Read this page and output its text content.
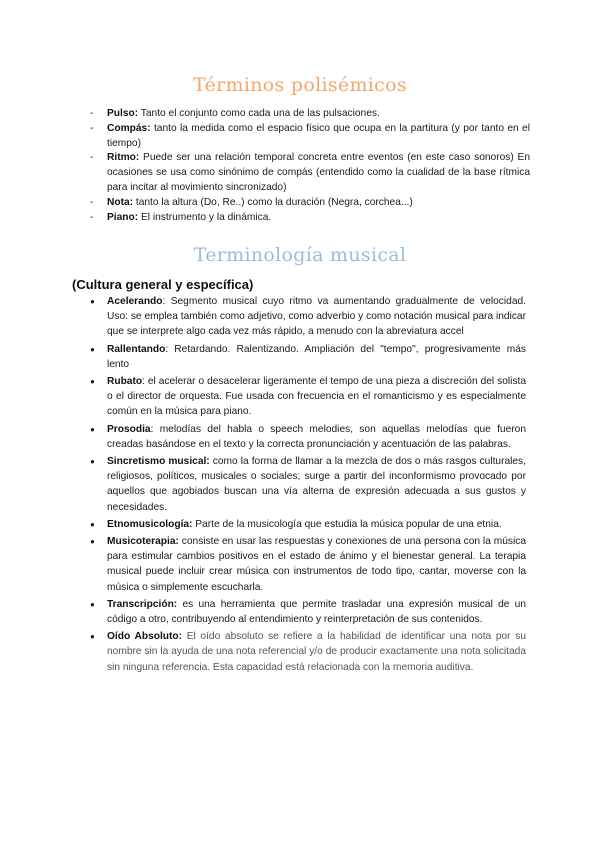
Términos polisémicos
- Pulso: Tanto el conjunto como cada una de las pulsaciones.
- Compás: tanto la medida como el espacio físico que ocupa en la partitura (y por tanto en el tiempo)
- Ritmo: Puede ser una relación temporal concreta entre eventos (en este caso sonoros) En ocasiones se usa como sinónimo de compás (entendido como la cualidad de la base rítmica para incitar al movimiento sincronizado)
- Nota: tanto la altura (Do, Re..) como la duración (Negra, corchea...)
- Piano: El instrumento y la dinámica.
Terminología musical
(Cultura general y específica)
● Acelerando: Segmento musical cuyo ritmo va aumentando gradualmente de velocidad. Uso: se emplea también como adjetivo, como adverbio y como notación musical para indicar que se interprete algo cada vez más rápido, a menudo con la abreviatura accel
● Rallentando: Retardando. Ralentizando. Ampliación del "tempo", progresivamente más lento
● Rubato: el acelerar o desacelerar ligeramente el tempo de una pieza a discreción del solista o el director de orquesta. Fue usada con frecuencia en el romanticismo y es especialmente común en la música para piano.
● Prosodia: melodías del habla o speech melodies, son aquellas melodías que fueron creadas basándose en el texto y la correcta pronunciación y acentuación de las palabras.
● Sincretismo musical: como la forma de llamar a la mezcla de dos o más rasgos culturales, religiosos, políticos, musicales o sociales; surge a partir del inconformismo provocado por aquellos que agobiados buscan una vía alterna de expresión adecuada a sus gustos y necesidades.
● Etnomusicología: Parte de la musicología que estudia la música popular de una etnia.
● Musicoterapia: consiste en usar las respuestas y conexiones de una persona con la música para estimular cambios positivos en el estado de ánimo y el bienestar general. La terapia musical puede incluir crear música con instrumentos de todo tipo, cantar, moverse con la música o simplemente escucharla.
● Transcripción: es una herramienta que permite trasladar una expresión musical de un código a otro, contribuyendo al entendimiento y reinterpretación de sus contenidos.
● Oído Absoluto: El oído absoluto se refiere a la habilidad de identificar una nota por su nombre sin la ayuda de una nota referencial y/o de producir exactamente una nota solicitada sin ninguna referencia. Esta capacidad está relacionada con la memoria auditiva.
